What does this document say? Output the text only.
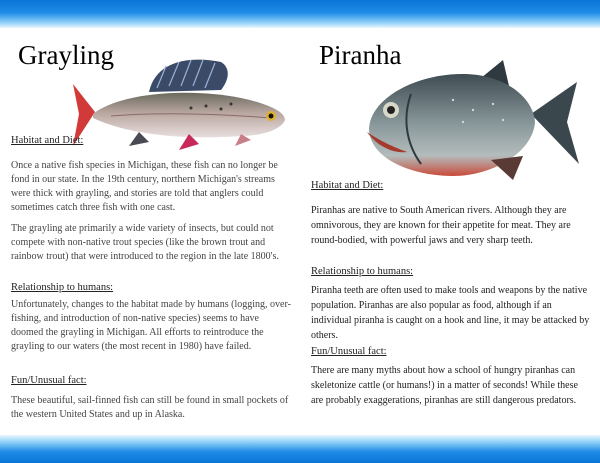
Grayling
Habitat and Diet:

Once a native fish species in Michigan, these fish can no longer be fond in our state. In the 19th century, northern Michigan's streams were thick with grayling, and stories are told that anglers could sometimes catch three fish with one cast.

The grayling ate primarily a wide variety of insects, but could not compete with non-native trout species (like the brown trout and rainbow trout) that were introduced to the region in the late 1800's.

Relationship to humans:

Unfortunately, changes to the habitat made by humans (logging, over-fishing, and introduction of non-native species) seems to have doomed the grayling in Michigan. All efforts to reintroduce the grayling to our waters (the most recent in 1980) have failed.

Fun/Unusual fact:

These beautiful, sail-finned fish can still be found in small pockets of the western United States and up in Alaska.

Piranha
Habitat and Diet:

Piranhas are native to South American rivers. Although they are omnivorous, they are known for their appetite for meat. They are round-bodied, with powerful jaws and very sharp teeth.

Relationship to humans:

Piranha teeth are often used to make tools and weapons by the native population. Piranhas are also popular as food, although if an individual piranha is caught on a hook and line, it may be attacked by others.

Fun/Unusual fact:

There are many myths about how a school of hungry piranhas can skeletonize cattle (or humans!) in a matter of seconds! While these are probably exaggerations, piranhas are still dangerous predators.
